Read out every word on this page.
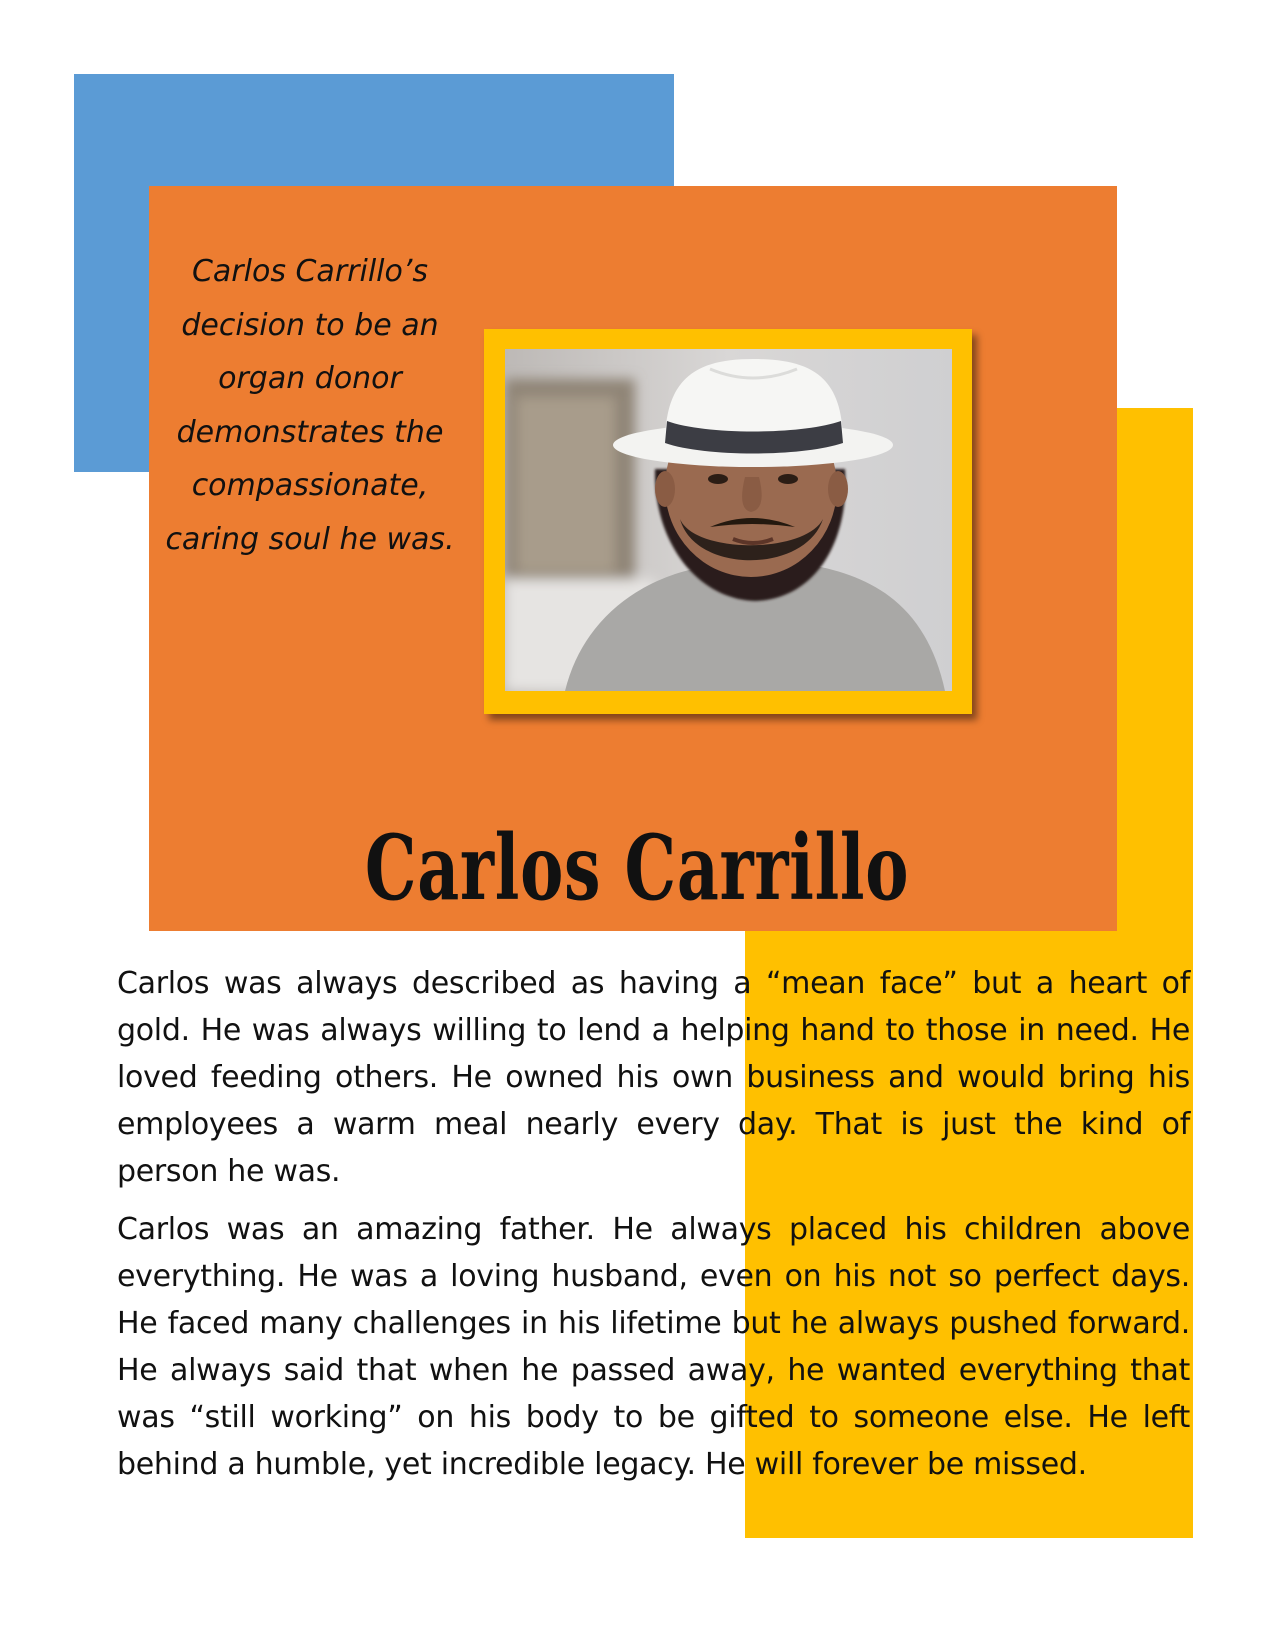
Carlos Carrillo’s decision to be an organ donor demonstrates the compassionate, caring soul he was.

Carlos Carrillo

Carlos was always described as having a “mean face” but a heart of gold. He was always willing to lend a helping hand to those in need. He loved feeding others. He owned his own business and would bring his employees a warm meal nearly every day. That is just the kind of person he was.

Carlos was an amazing father. He always placed his children above everything. He was a loving husband, even on his not so perfect days. He faced many challenges in his lifetime but he always pushed forward. He always said that when he passed away, he wanted everything that was “still working” on his body to be gifted to someone else. He left behind a humble, yet incredible legacy. He will forever be missed.
